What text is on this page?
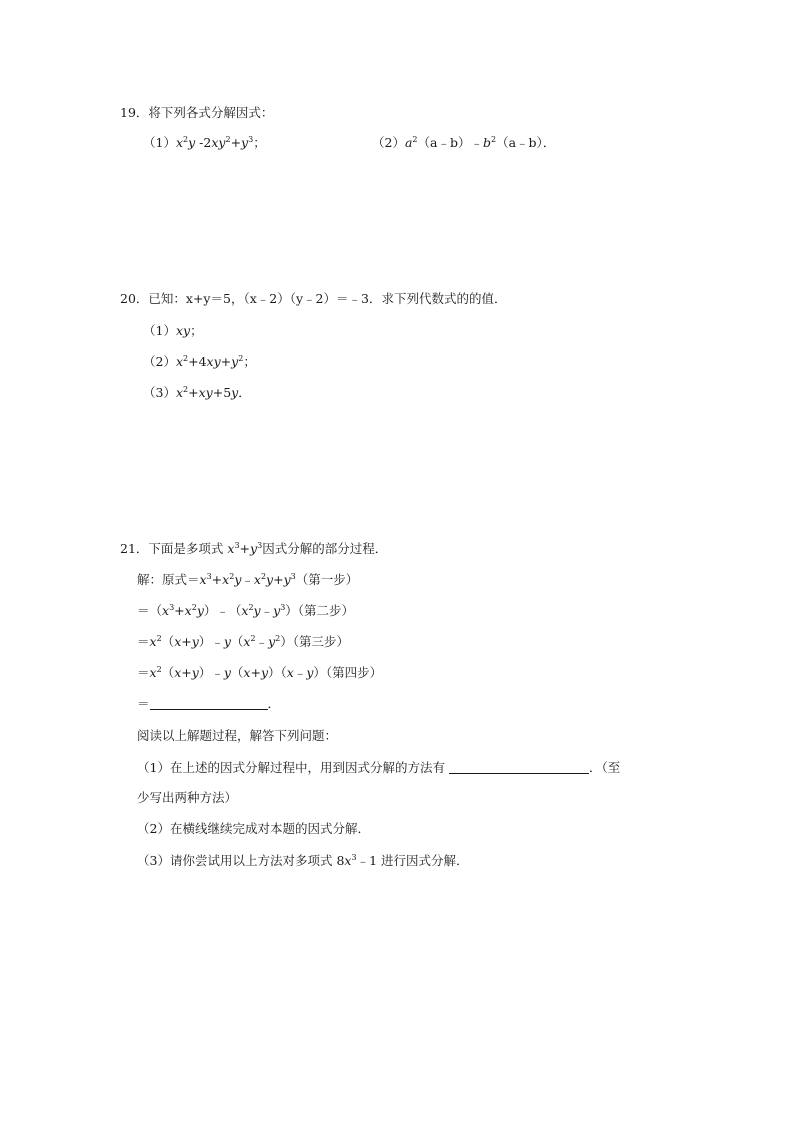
19．将下列各式分解因式：
$(1)x^2y$ $-2xy^2+y^3$；	$(2)a^2(a﹣b)﹣b^2(a﹣b)$．
20．已知：x+y＝5，（x﹣2）（y﹣2）＝﹣3．求下列代数式的的值．
（1）xy；
$(2)x^2+4xy+y^2$；
$(3)x^2+xy+5y$．
21．下面是多项式 $x^3+y^3$因式分解的部分过程．
解：原式$=x^3+x^2y﹣x^2y+y^3$（第一步）
$=(x^3+x^2y)﹣(x^2y﹣y^3)$（第二步）
$=x^2(x+y)﹣y(x^2﹣y^2)$（第三步）
$=x^2(x+y)﹣y(x+y)(x﹣y)$（第四步）
＝	．
阅读以上解题过程，解答下列问题：
（1）在上述的因式分解过程中，用到因式分解的方法有	．（至
少写出两种方法）
（2）在横线继续完成对本题的因式分解．
（3）请你尝试用以上方法对多项式 $8x^3﹣1$ 进行因式分解．
